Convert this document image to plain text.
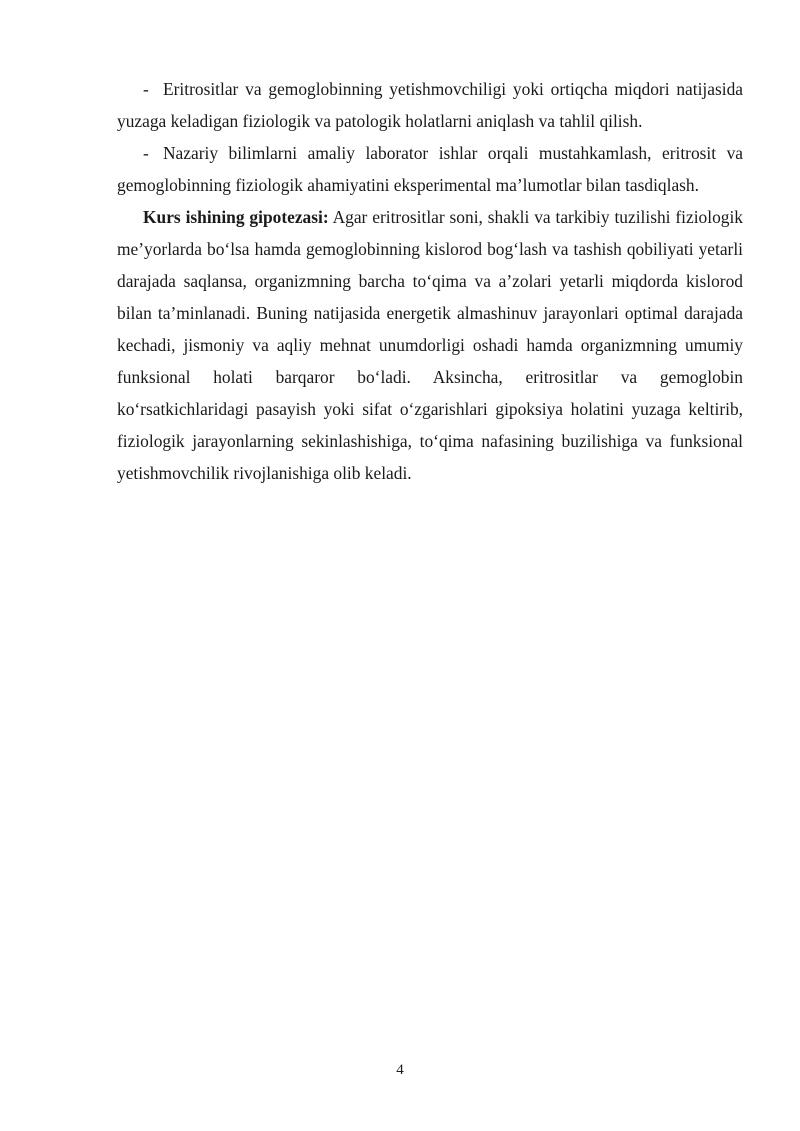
- Eritrositlar va gemoglobinning yetishmovchiligi yoki ortiqcha miqdori natijasida yuzaga keladigan fiziologik va patologik holatlarni aniqlash va tahlil qilish.

- Nazariy bilimlarni amaliy laborator ishlar orqali mustahkamlash, eritrosit va gemoglobinning fiziologik ahamiyatini eksperimental ma’lumotlar bilan tasdiqlash.

Kurs ishining gipotezasi: Agar eritrositlar soni, shakli va tarkibiy tuzilishi fiziologik me’yorlarda bo‘lsa hamda gemoglobinning kislorod bog‘lash va tashish qobiliyati yetarli darajada saqlansa, organizmning barcha to‘qima va a’zolari yetarli miqdorda kislorod bilan ta’minlanadi. Buning natijasida energetik almashinuv jarayonlari optimal darajada kechadi, jismoniy va aqliy mehnat unumdorligi oshadi hamda organizmning umumiy funksional holati barqaror bo‘ladi. Aksincha, eritrositlar va gemoglobin ko‘rsatkichlaridagi pasayish yoki sifat o‘zgarishlari gipoksiya holatini yuzaga keltirib, fiziologik jarayonlarning sekinlashishiga, to‘qima nafasining buzilishiga va funksional yetishmovchilik rivojlanishiga olib keladi.

4
